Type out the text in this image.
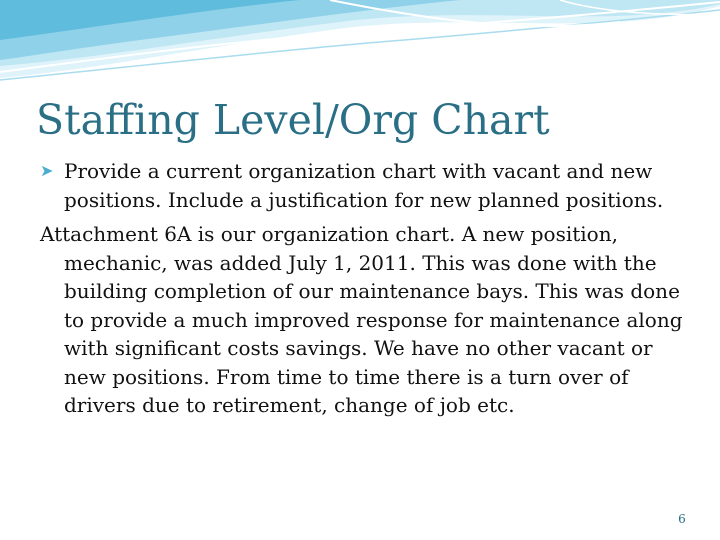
Staffing Level/Org Chart

➤ Provide a current organization chart with vacant and new positions. Include a justification for new planned positions.

Attachment 6A is our organization chart. A new position, mechanic, was added July 1, 2011. This was done with the building completion of our maintenance bays. This was done to provide a much improved response for maintenance along with significant costs savings. We have no other vacant or new positions. From time to time there is a turn over of drivers due to retirement, change of job etc.

6
